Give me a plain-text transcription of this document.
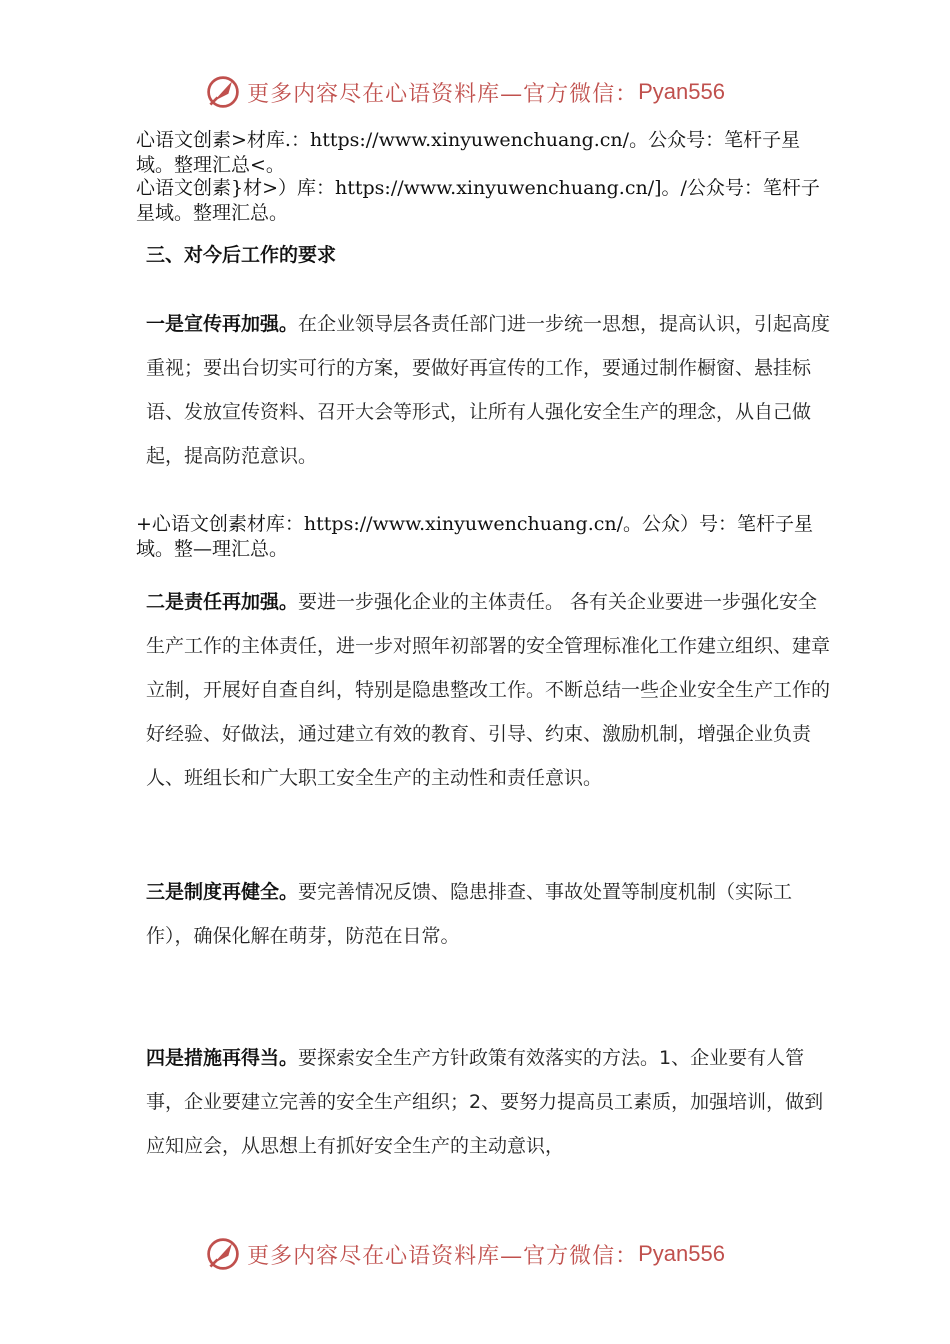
更多内容尽在心语资料库—官方微信： Pyan556
心语文创素>材库.：https://www.xinyuwenchuang.cn/。公众号：笔杆子星域。整理汇总<。
心语文创素}材>）库：https://www.xinyuwenchuang.cn/]。/公众号：笔杆子星域。整理汇总。
三、对今后工作的要求
一是宣传再加强。在企业领导层各责任部门进一步统一思想，提高认识，引起高度重视；要出台切实可行的方案，要做好再宣传的工作，要通过制作橱窗、悬挂标语、发放宣传资料、召开大会等形式，让所有人强化安全生产的理念，从自己做起，提高防范意识。
+心语文创素材库：https://www.xinyuwenchuang.cn/。公众）号：笔杆子星域。整—理汇总。
二是责任再加强。要进一步强化企业的主体责任。 各有关企业要进一步强化安全生产工作的主体责任，进一步对照年初部署的安全管理标准化工作建立组织、建章立制，开展好自查自纠，特别是隐患整改工作。不断总结一些企业安全生产工作的好经验、好做法，通过建立有效的教育、引导、约束、激励机制，增强企业负责人、班组长和广大职工安全生产的主动性和责任意识。
三是制度再健全。要完善情况反馈、隐患排查、事故处置等制度机制（实际工作），确保化解在萌芽，防范在日常。
四是措施再得当。要探索安全生产方针政策有效落实的方法。1、企业要有人管事，企业要建立完善的安全生产组织；2、要努力提高员工素质，加强培训，做到应知应会，从思想上有抓好安全生产的主动意识，
更多内容尽在心语资料库—官方微信： Pyan556
